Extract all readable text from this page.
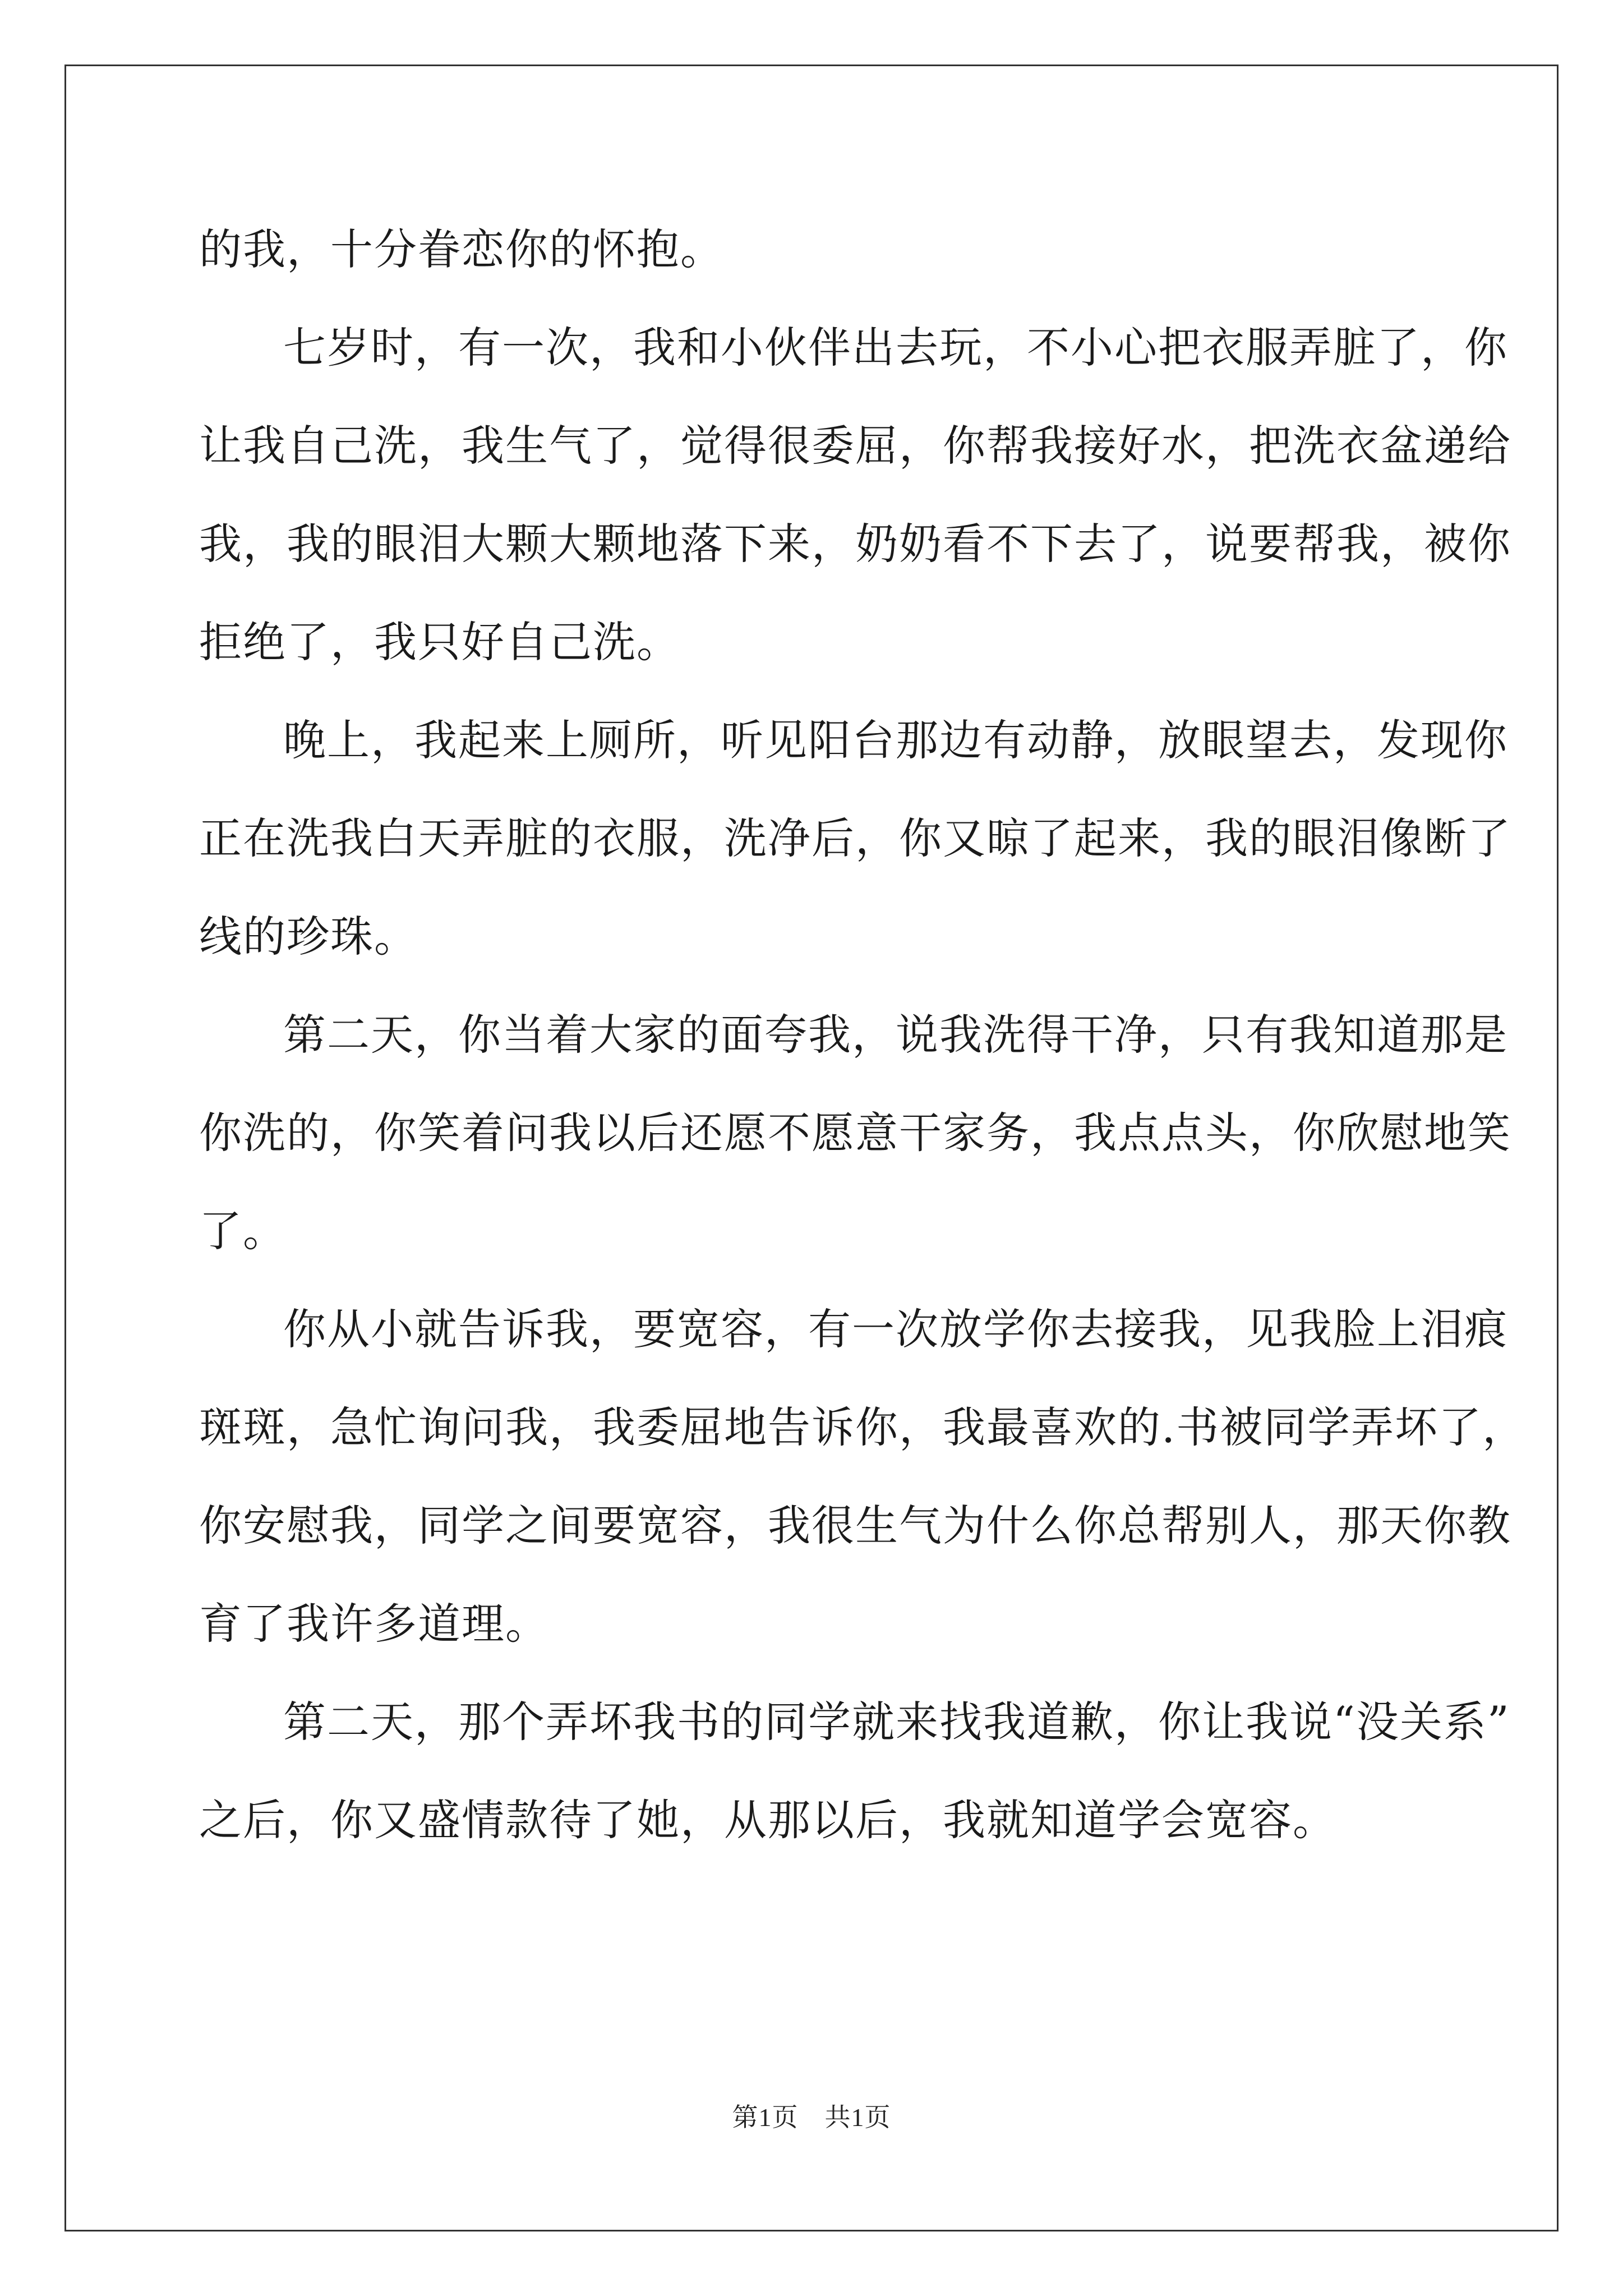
的我，十分眷恋你的怀抱。
七岁时，有一次，我和小伙伴出去玩，不小心把衣服弄脏了，你
让我自己洗，我生气了，觉得很委屈，你帮我接好水，把洗衣盆递给
我，我的眼泪大颗大颗地落下来，奶奶看不下去了，说要帮我，被你
拒绝了，我只好自己洗。
晚上，我起来上厕所，听见阳台那边有动静，放眼望去，发现你
正在洗我白天弄脏的衣服，洗净后，你又晾了起来，我的眼泪像断了
线的珍珠。
第二天，你当着大家的面夸我，说我洗得干净，只有我知道那是
你洗的，你笑着问我以后还愿不愿意干家务，我点点头，你欣慰地笑
了。
你从小就告诉我，要宽容，有一次放学你去接我，见我脸上泪痕
斑斑，急忙询问我，我委屈地告诉你，我最喜欢的.书被同学弄坏了，
你安慰我，同学之间要宽容，我很生气为什么你总帮别人，那天你教
育了我许多道理。
第二天，那个弄坏我书的同学就来找我道歉，你让我说“没关系”
之后，你又盛情款待了她，从那以后，我就知道学会宽容。
第1页　共1页
